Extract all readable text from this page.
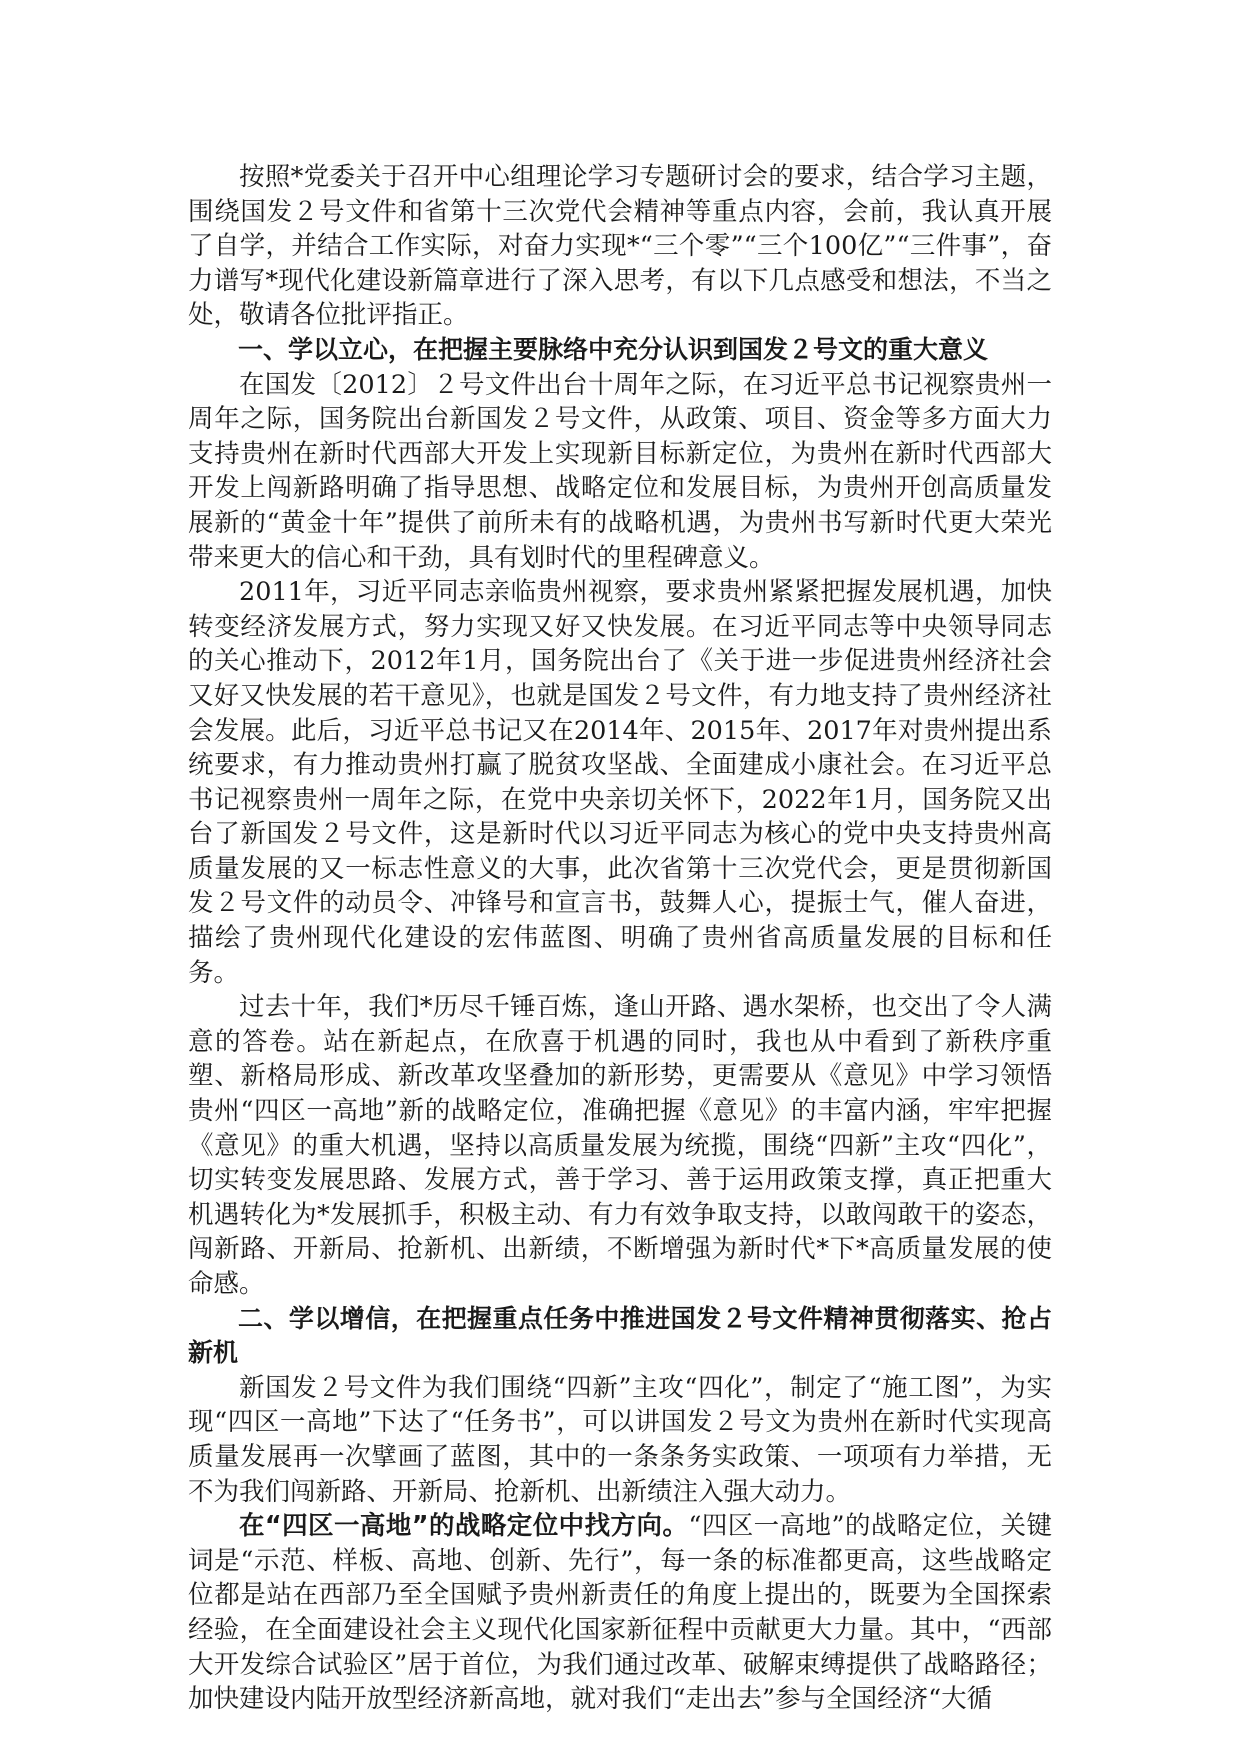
按照*党委关于召开中心组理论学习专题研讨会的要求，结合学习主题，围绕国发２号文件和省第十三次党代会精神等重点内容，会前，我认真开展了自学，并结合工作实际，对奋力实现*“三个零”“三个100亿”“三件事”，奋力谱写*现代化建设新篇章进行了深入思考，有以下几点感受和想法，不当之处，敬请各位批评指正。

一、学以立心，在把握主要脉络中充分认识到国发２号文的重大意义

在国发〔2012〕２号文件出台十周年之际，在习近平总书记视察贵州一周年之际，国务院出台新国发２号文件，从政策、项目、资金等多方面大力支持贵州在新时代西部大开发上实现新目标新定位，为贵州在新时代西部大开发上闯新路明确了指导思想、战略定位和发展目标，为贵州开创高质量发展新的“黄金十年”提供了前所未有的战略机遇，为贵州书写新时代更大荣光带来更大的信心和干劲，具有划时代的里程碑意义。

2011年，习近平同志亲临贵州视察，要求贵州紧紧把握发展机遇，加快转变经济发展方式，努力实现又好又快发展。在习近平同志等中央领导同志的关心推动下，2012年1月，国务院出台了《关于进一步促进贵州经济社会又好又快发展的若干意见》，也就是国发２号文件，有力地支持了贵州经济社会发展。此后，习近平总书记又在2014年、2015年、2017年对贵州提出系统要求，有力推动贵州打赢了脱贫攻坚战、全面建成小康社会。在习近平总书记视察贵州一周年之际，在党中央亲切关怀下，2022年1月，国务院又出台了新国发２号文件，这是新时代以习近平同志为核心的党中央支持贵州高质量发展的又一标志性意义的大事，此次省第十三次党代会，更是贯彻新国发２号文件的动员令、冲锋号和宣言书，鼓舞人心，提振士气，催人奋进，描绘了贵州现代化建设的宏伟蓝图、明确了贵州省高质量发展的目标和任务。

过去十年，我们*历尽千锤百炼，逢山开路、遇水架桥，也交出了令人满意的答卷。站在新起点，在欣喜于机遇的同时，我也从中看到了新秩序重塑、新格局形成、新改革攻坚叠加的新形势，更需要从《意见》中学习领悟贵州“四区一高地”新的战略定位，准确把握《意见》的丰富内涵，牢牢把握《意见》的重大机遇，坚持以高质量发展为统揽，围绕“四新”主攻“四化”，切实转变发展思路、发展方式，善于学习、善于运用政策支撑，真正把重大机遇转化为*发展抓手，积极主动、有力有效争取支持，以敢闯敢干的姿态，闯新路、开新局、抢新机、出新绩，不断增强为新时代*下*高质量发展的使命感。

二、学以增信，在把握重点任务中推进国发２号文件精神贯彻落实、抢占新机

新国发２号文件为我们围绕“四新”主攻“四化”，制定了“施工图”，为实现“四区一高地”下达了“任务书”，可以讲国发２号文为贵州在新时代实现高质量发展再一次擘画了蓝图，其中的一条条务实政策、一项项有力举措，无不为我们闯新路、开新局、抢新机、出新绩注入强大动力。

在“四区一高地”的战略定位中找方向。“四区一高地”的战略定位，关键词是“示范、样板、高地、创新、先行”，每一条的标准都更高，这些战略定位都是站在西部乃至全国赋予贵州新责任的角度上提出的，既要为全国探索经验，在全面建设社会主义现代化国家新征程中贡献更大力量。其中，“西部大开发综合试验区”居于首位，为我们通过改革、破解束缚提供了战略路径；加快建设内陆开放型经济新高地，就对我们“走出去”参与全国经济“大循
